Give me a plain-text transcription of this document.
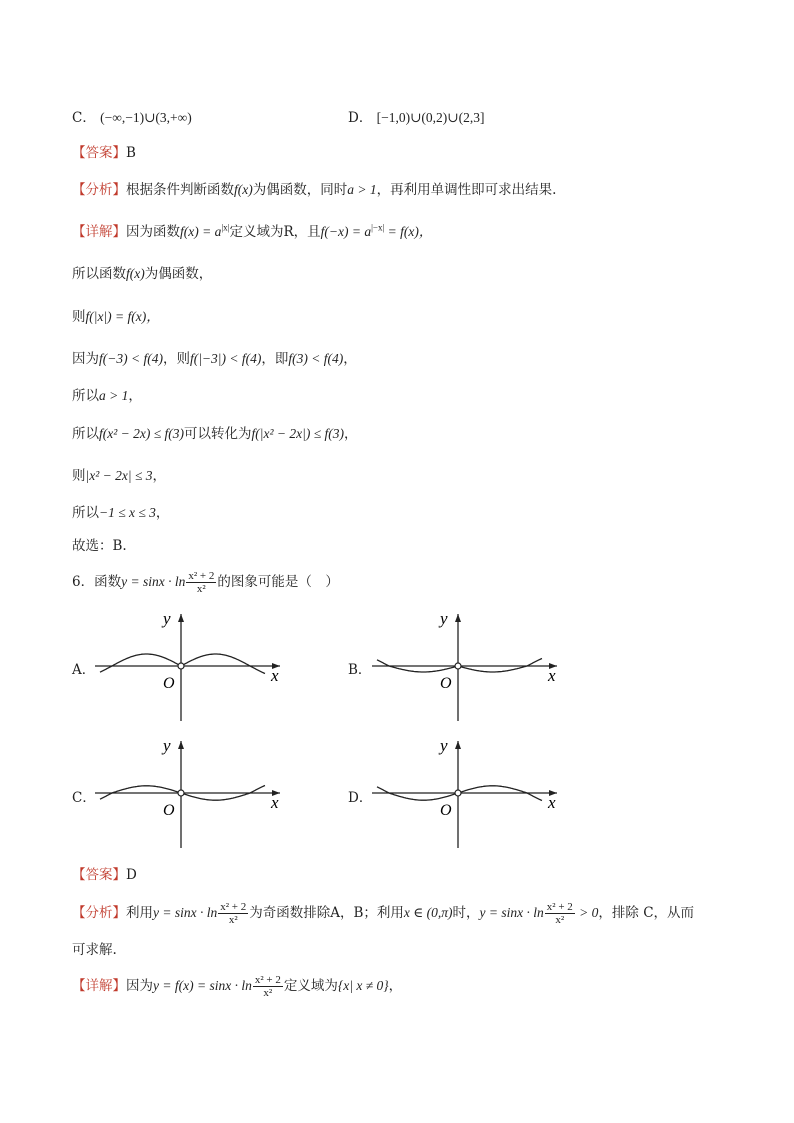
C． (−∞,−1)∪(3,+∞)	D． [−1,0)∪(0,2)∪(2,3]
【答案】B
【分析】根据条件判断函数f(x)为偶函数，同时a > 1，再利用单调性即可求出结果.
【详解】因为函数$f(x) = a^{|x|}$定义域为R，且$f(-x) = a^{|-x|} = f(x)$，
所以函数f(x)为偶函数，
则f(|x|) = f(x)，
因为f(−3) < f(4)，则f(|−3|) < f(4)，即f(3) < f(4)，
所以a > 1，
所以f(x² − 2x) ≤ f(3)可以转化为f(|x² − 2x|) ≤ f(3)，
则|x² − 2x| ≤ 3，
所以−1 ≤ x ≤ 3，
故选：B.
6．函数$y = \sin x \cdot \ln \frac{\text{x² + 2}}{\text{x²}}$ 的图象可能是（　）
A．	B．
C．	D．
x
y
O	x
y
O
x
y
O	x
y
O
【答案】D
【分析】利用$y = \sin x \cdot \ln \frac{\text{x² + 2}}{\text{x²}}$ 为奇函数排除A，B；利用x ∈ (0,π)时，$y = \sin x \cdot \ln \frac{\text{x² + 2}}{\text{x²}} > 0$，排除 C，从而
可求解.
【详解】因为$y = f(x) = \sin x \cdot \ln \frac{\text{x² + 2}}{\text{x²}}$ 定义域为{x| x ≠ 0}，
